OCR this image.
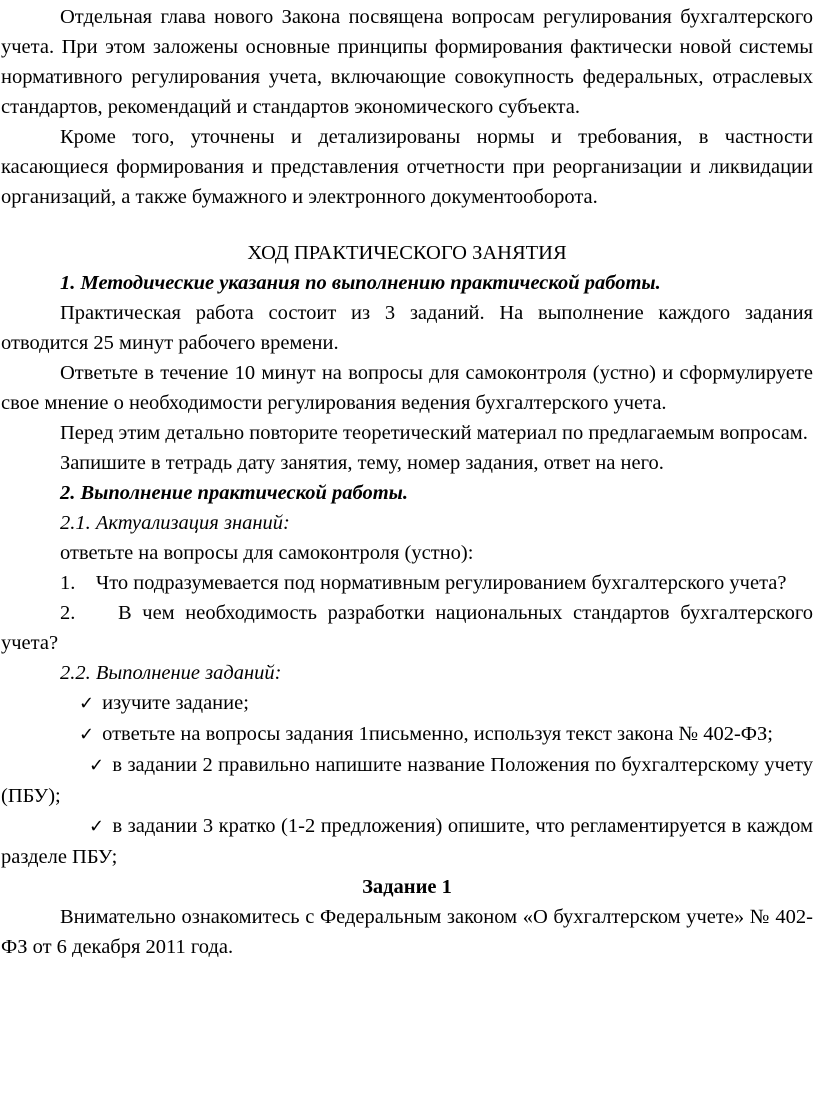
Отдельная глава нового Закона посвящена вопросам регулирования бухгалтерского учета. При этом заложены основные принципы формирования фактически новой системы нормативного регулирования учета, включающие совокупность федеральных, отраслевых стандартов, рекомендаций и стандартов экономического субъекта.

Кроме того, уточнены и детализированы нормы и требования, в частности касающиеся формирования и представления отчетности при реорганизации и ликвидации организаций, а также бумажного и электронного документооборота.

ХОД ПРАКТИЧЕСКОГО ЗАНЯТИЯ

1. Методические указания по выполнению практической работы.

Практическая работа состоит из 3 заданий. На выполнение каждого задания отводится 25 минут рабочего времени.

Ответьте в течение 10 минут на вопросы для самоконтроля (устно) и сформулируете свое мнение о необходимости регулирования ведения бухгалтерского учета.

Перед этим детально повторите теоретический материал по предлагаемым вопросам.

Запишите в тетрадь дату занятия, тему, номер задания, ответ на него.

2. Выполнение практической работы.

2.1. Актуализация знаний:

ответьте на вопросы для самоконтроля (устно):

1.    Что подразумевается под нормативным регулированием бухгалтерского учета?

2.    В чем необходимость разработки национальных стандартов бухгалтерского учета?

2.2. Выполнение заданий:

✓ изучите задание;

✓ ответьте на вопросы задания 1письменно, используя текст закона № 402-ФЗ;

✓ в задании 2 правильно напишите название Положения по бухгалтерскому учету (ПБУ);

✓ в задании 3 кратко (1-2 предложения) опишите, что регламентируется в каждом разделе ПБУ;

Задание 1

Внимательно ознакомитесь с Федеральным законом «О бухгалтерском учете» № 402-ФЗ от 6 декабря 2011 года.
